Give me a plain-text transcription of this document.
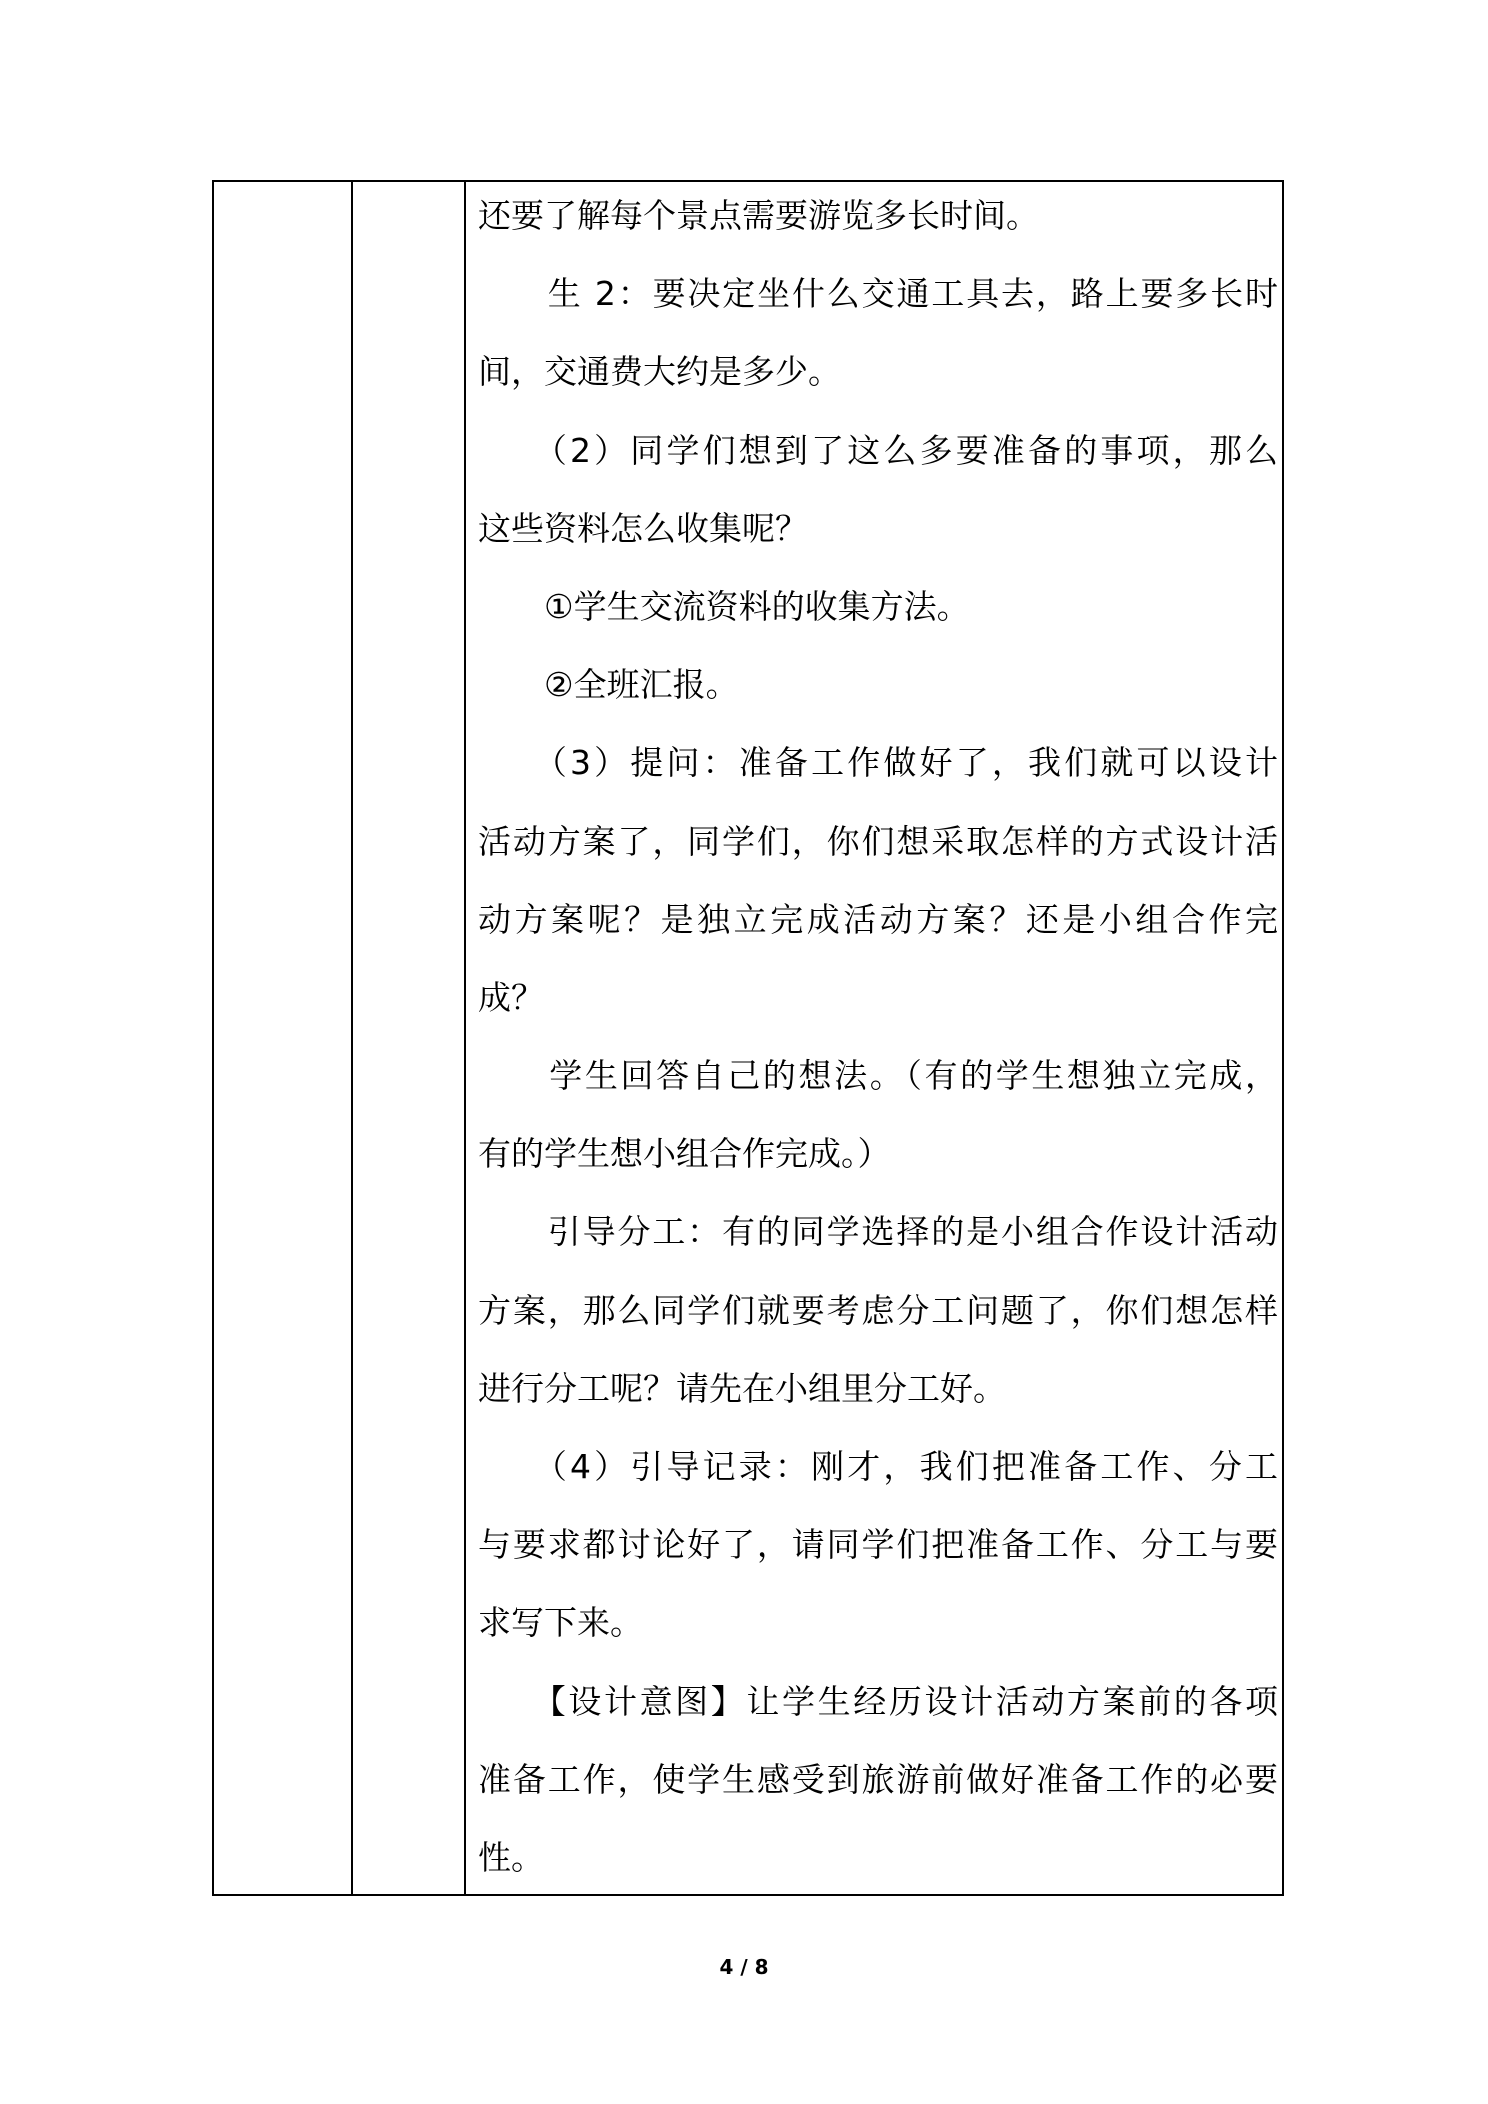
还要了解每个景点需要游览多长时间。

　　生 2：要决定坐什么交通工具去，路上要多长时

间，交通费大约是多少。

　　（2）同学们想到了这么多要准备的事项，那么

这些资料怎么收集呢？

　　①学生交流资料的收集方法。

　　②全班汇报。

　　（3）提问：准备工作做好了，我们就可以设计

活动方案了，同学们，你们想采取怎样的方式设计活

动方案呢？是独立完成活动方案？还是小组合作完

成？

　　学生回答自己的想法。（有的学生想独立完成，

有的学生想小组合作完成。）

　　引导分工：有的同学选择的是小组合作设计活动

方案，那么同学们就要考虑分工问题了，你们想怎样

进行分工呢？请先在小组里分工好。

　　（4）引导记录：刚才，我们把准备工作、分工

与要求都讨论好了，请同学们把准备工作、分工与要

求写下来。

　　【设计意图】让学生经历设计活动方案前的各项

准备工作，使学生感受到旅游前做好准备工作的必要

性。

4 / 8
